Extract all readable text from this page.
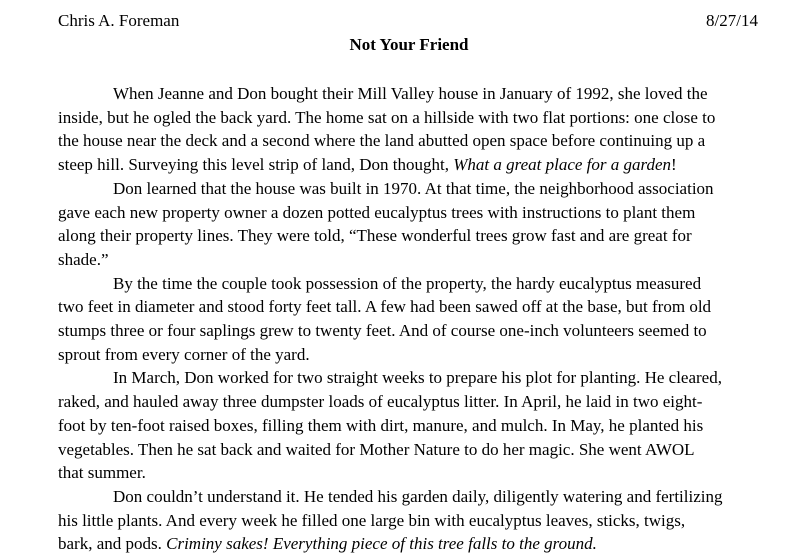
Chris A. Foreman	8/27/14
Not Your Friend
When Jeanne and Don bought their Mill Valley house in January of 1992, she loved the
inside, but he ogled the back yard. The home sat on a hillside with two flat portions: one close to
the house near the deck and a second where the land abutted open space before continuing up a
steep hill. Surveying this level strip of land, Don thought, What a great place for a garden!
Don learned that the house was built in 1970. At that time, the neighborhood association
gave each new property owner a dozen potted eucalyptus trees with instructions to plant them
along their property lines. They were told, “These wonderful trees grow fast and are great for
shade.”
By the time the couple took possession of the property, the hardy eucalyptus measured
two feet in diameter and stood forty feet tall. A few had been sawed off at the base, but from old
stumps three or four saplings grew to twenty feet. And of course one-inch volunteers seemed to
sprout from every corner of the yard.
In March, Don worked for two straight weeks to prepare his plot for planting. He cleared,
raked, and hauled away three dumpster loads of eucalyptus litter. In April, he laid in two eight-
foot by ten-foot raised boxes, filling them with dirt, manure, and mulch. In May, he planted his
vegetables. Then he sat back and waited for Mother Nature to do her magic. She went AWOL
that summer.
Don couldn’t understand it. He tended his garden daily, diligently watering and fertilizing
his little plants. And every week he filled one large bin with eucalyptus leaves, sticks, twigs,
bark, and pods. Criminy sakes! Everything piece of this tree falls to the ground.
